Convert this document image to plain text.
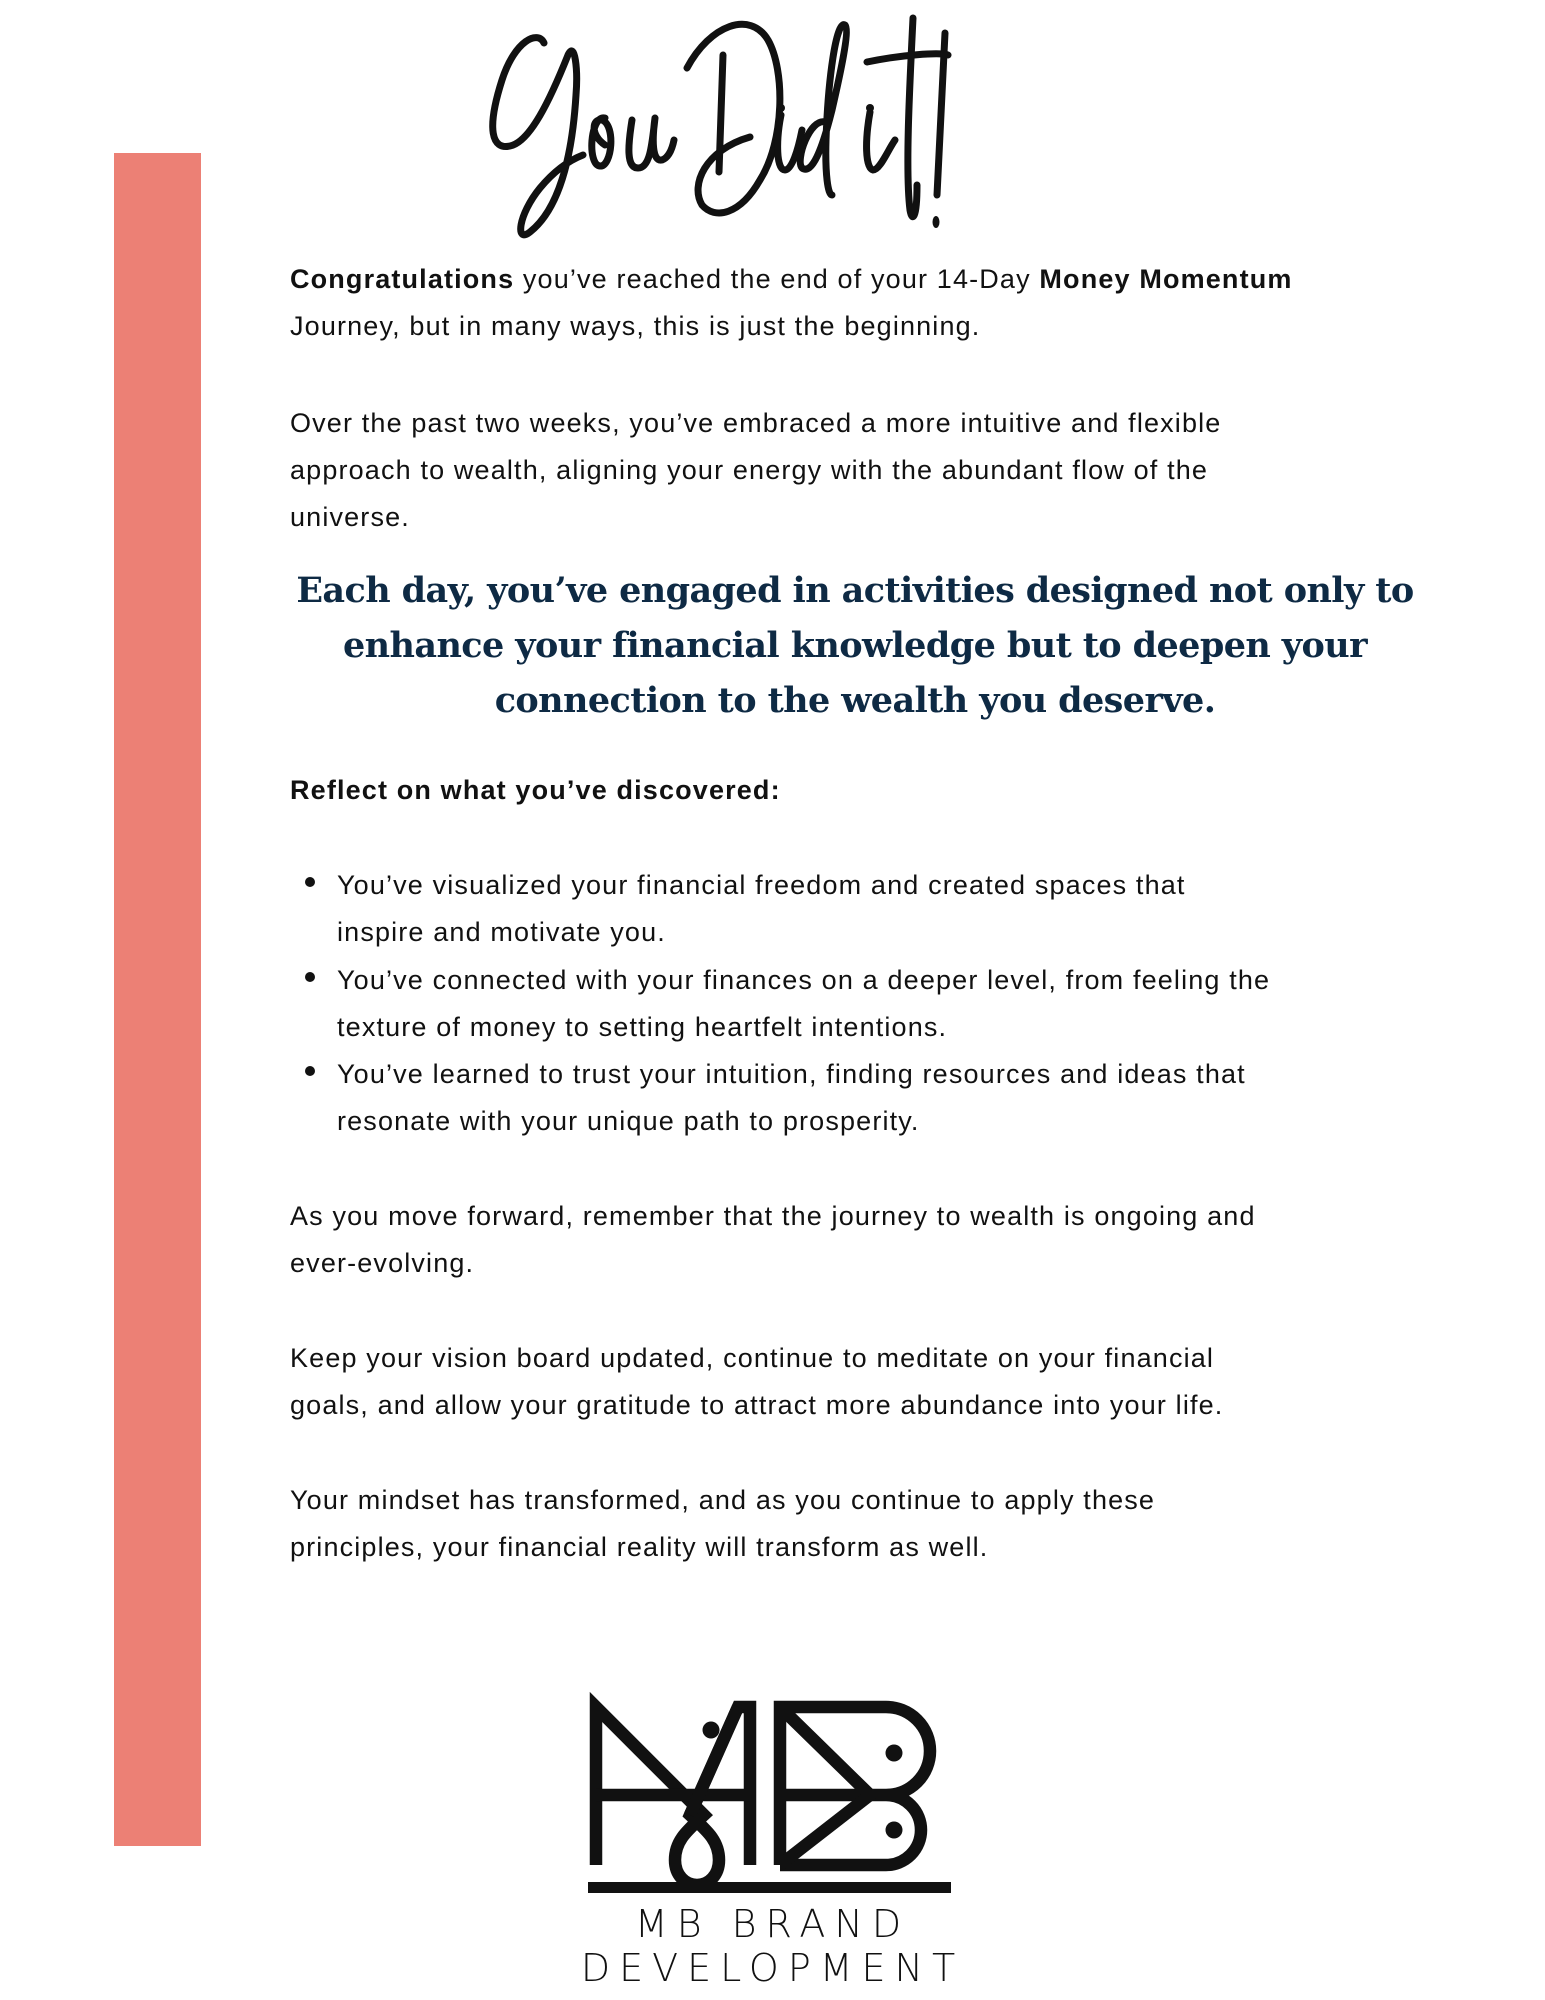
Congratulations you’ve reached the end of your 14-Day Money Momentum
Journey, but in many ways, this is just the beginning.
Over the past two weeks, you’ve embraced a more intuitive and flexible
approach to wealth, aligning your energy with the abundant flow of the
universe.
Each day, you’ve engaged in activities designed not only to
enhance your financial knowledge but to deepen your
connection to the wealth you deserve.
Reflect on what you’ve discovered:
You’ve visualized your financial freedom and created spaces that
inspire and motivate you.
You’ve connected with your finances on a deeper level, from feeling the
texture of money to setting heartfelt intentions.
You’ve learned to trust your intuition, finding resources and ideas that
resonate with your unique path to prosperity.
As you move forward, remember that the journey to wealth is ongoing and
ever-evolving.
Keep your vision board updated, continue to meditate on your financial
goals, and allow your gratitude to attract more abundance into your life.
Your mindset has transformed, and as you continue to apply these
principles, your financial reality will transform as well.
MB BRAND DEVELOPMENT
